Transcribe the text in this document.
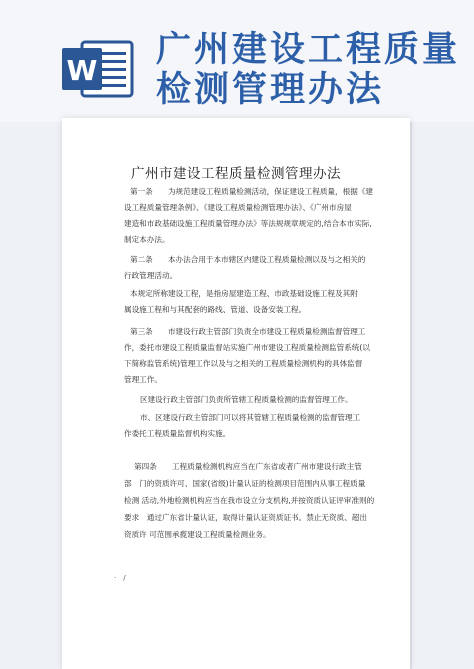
W
广州建设工程质量
检测管理办法
广州市建设工程质量检测管理办法
第一条　　为规范建设工程质量检测活动，保证建设工程质量，根据《建
设工程质量管理条例》、《建设工程质量检测管理办法》、《广州市房屋
建造和市政基础设施工程质量管理办法》等法规规章规定的,结合本市实际,
制定本办法。
第二条　　本办法合用于本市辖区内建设工程质量检测以及与之相关的
行政管理活动。
本规定所称建设工程，是指房屋建造工程、市政基础设施工程及其附
属设施工程和与其配套的路线、管道、设备安装工程。
第三条　　市建设行政主管部门负责全市建设工程质量检测监督管理工
作，委托市建设工程质量监督站实施广州市建设工程质量检测监管系统(以
下简称监管系统)管理工作以及与之相关的工程质量检测机构的具体监督
管理工作。
区建设行政主管部门负责所管辖工程质量检测的监督管理工作。
市、区建设行政主管部门可以将其管辖工程质量检测的监督管理工
作委托工程质量监督机构实施。
第四条　　工程质量检测机构应当在广东省或者广州市建设行政主管
部　门的资质许可、国家(省级)计量认证的检测项目范围内从事工程质量
检测 活动,外地检测机构应当在我市设立分支机构,并按资质认证评审准则的
要求　通过广东省计量认证，取得计量认证资质证书。禁止无资质、超出
资质许 可范围承揽建设工程质量检测业务。
·　/
